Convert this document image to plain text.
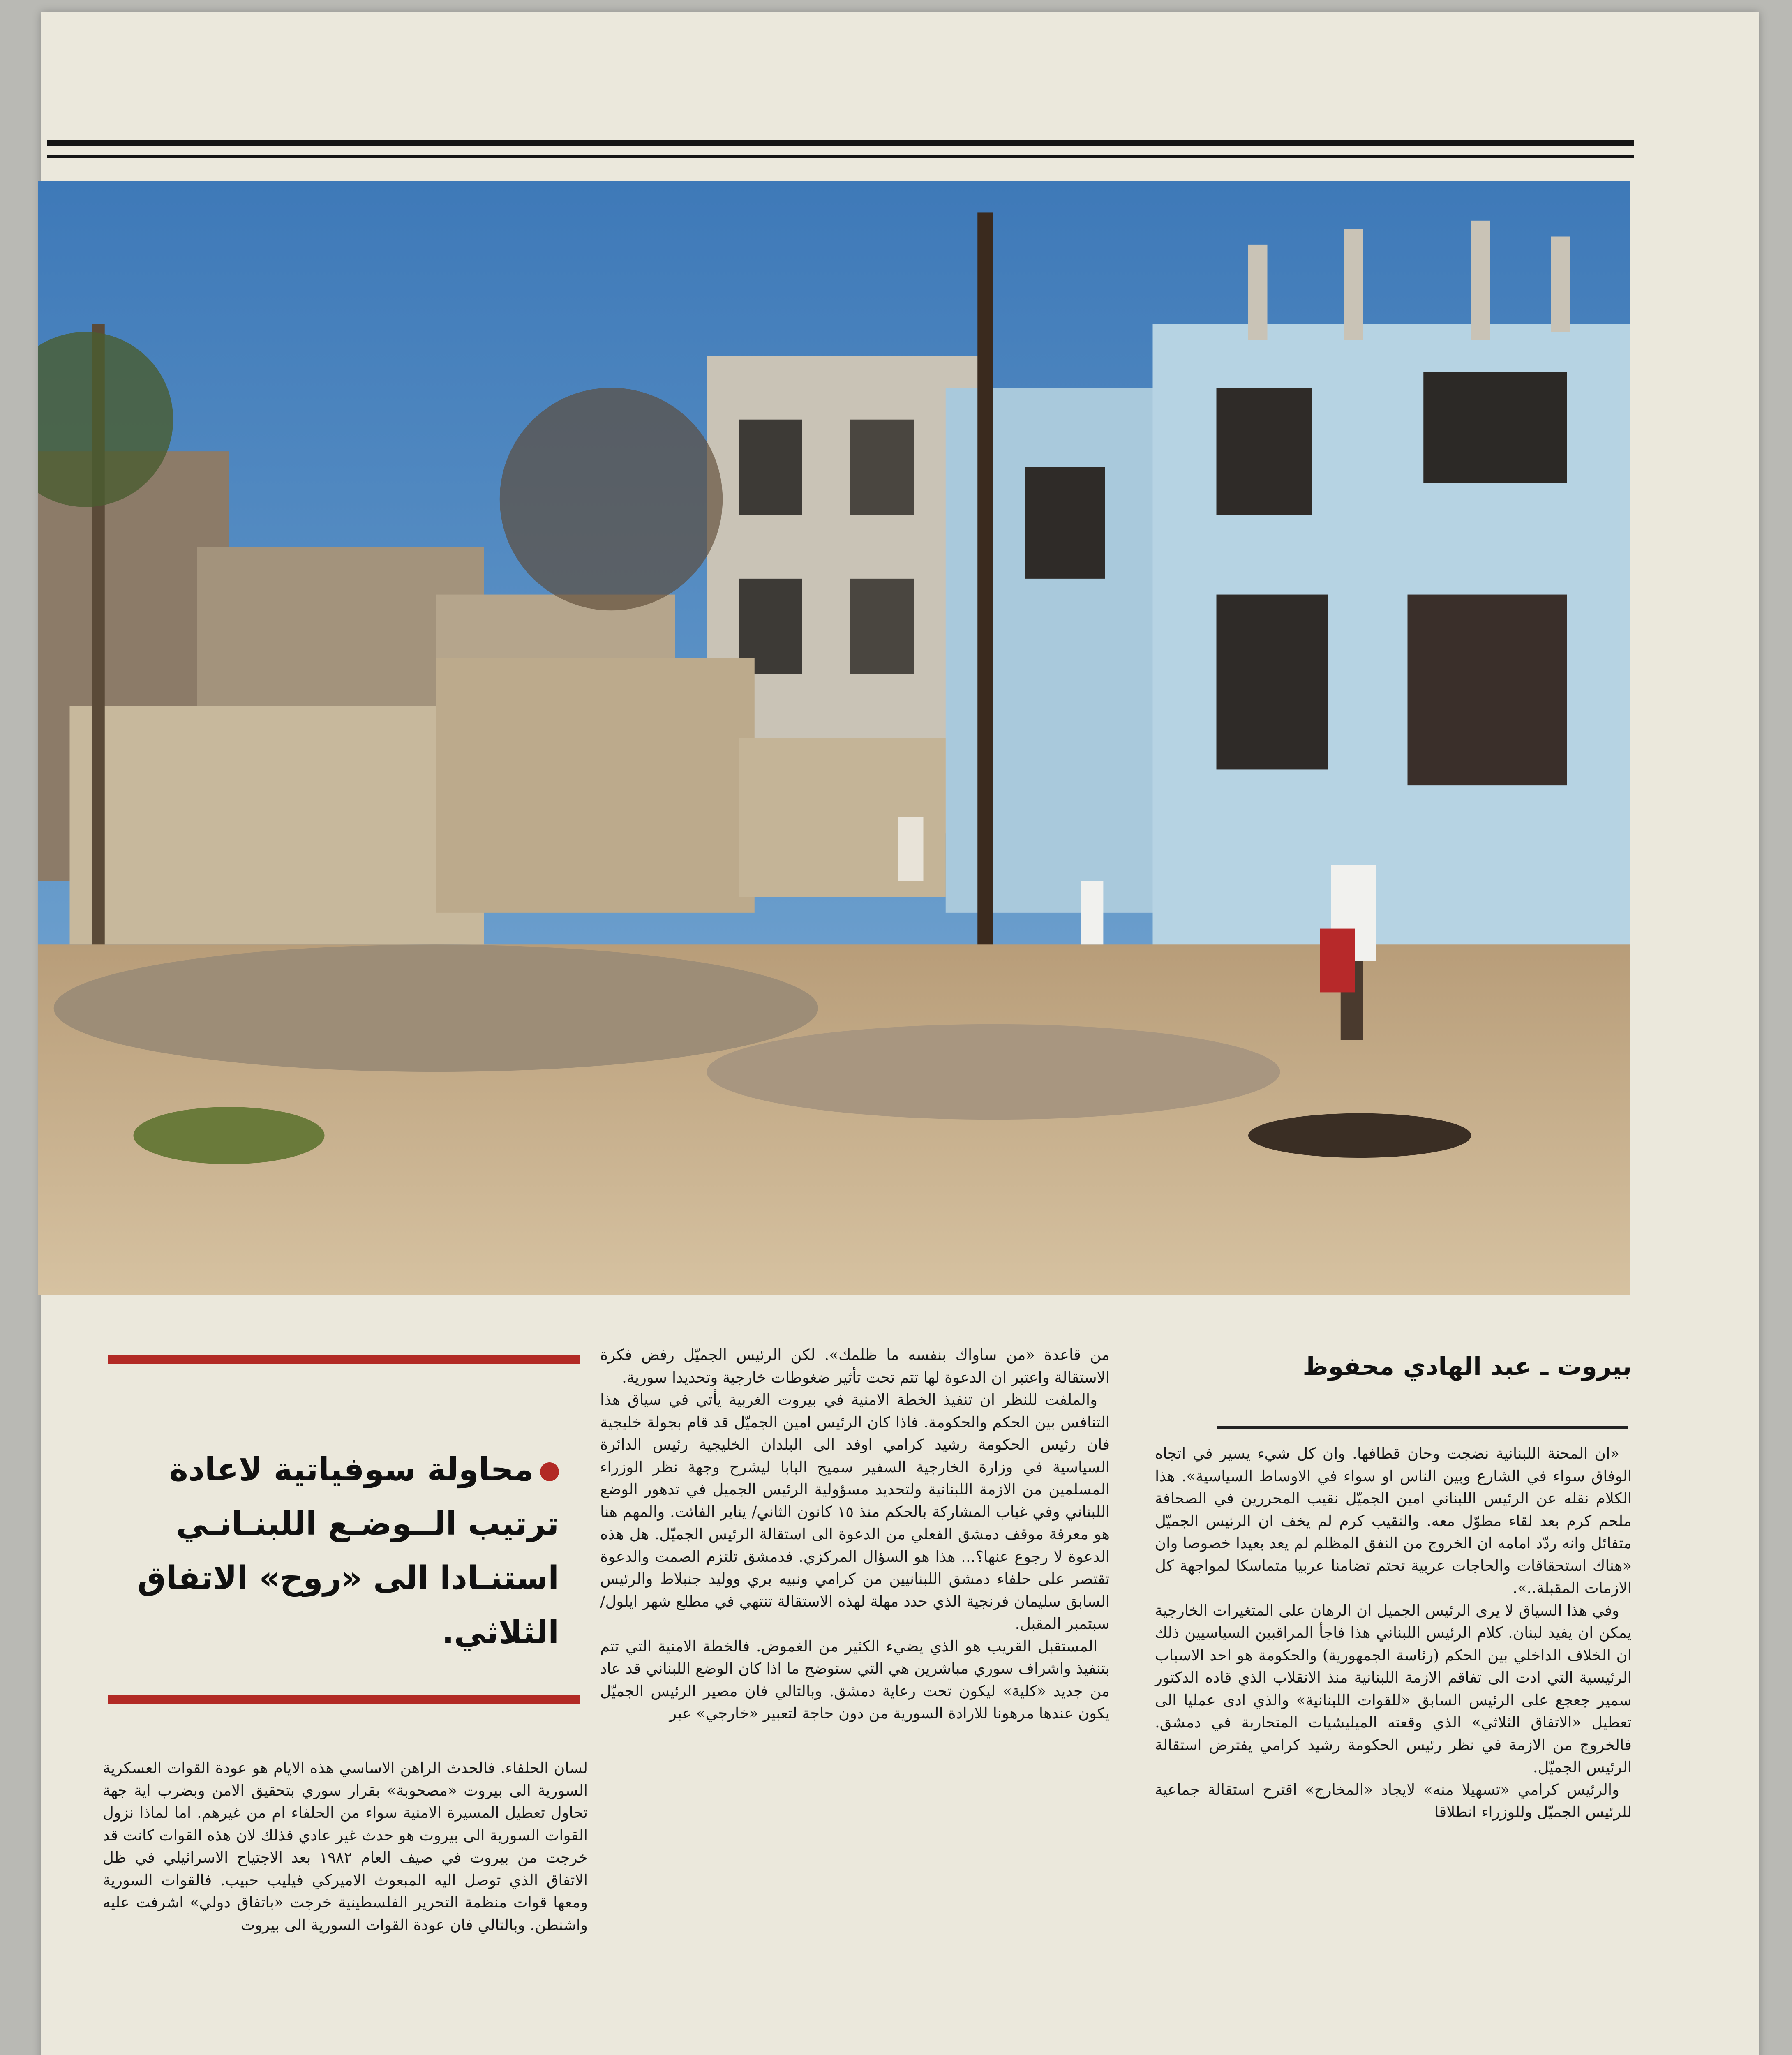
بيروت ـ عبد الهادي محفوظ

«ان المحنة اللبنانية نضجت وحان قطافها. وان كل شيء يسير في اتجاه الوفاق سواء في الشارع وبين الناس او سواء في الاوساط السياسية». هذا الكلام نقله عن الرئيس اللبناني امين الجميّل نقيب المحررين في الصحافة ملحم كرم بعد لقاء مطوّل معه. والنقيب كرم لم يخف ان الرئيس الجميّل متفائل وانه ردّد امامه ان الخروج من النفق المظلم لم يعد بعيدا خصوصا وان «هناك استحقاقات والحاجات عربية تحتم تضامنا عربيا متماسكا لمواجهة كل الازمات المقبلة..».

وفي هذا السياق لا يرى الرئيس الجميل ان الرهان على المتغيرات الخارجية يمكن ان يفيد لبنان. كلام الرئيس اللبناني هذا فاجأ المراقبين السياسيين ذلك ان الخلاف الداخلي بين الحكم (رئاسة الجمهورية) والحكومة هو احد الاسباب الرئيسية التي ادت الى تفاقم الازمة اللبنانية منذ الانقلاب الذي قاده الدكتور سمير جعجع على الرئيس السابق «للقوات اللبنانية» والذي ادى عمليا الى تعطيل «الاتفاق الثلاثي» الذي وقعته الميليشيات المتحاربة في دمشق. فالخروج من الازمة في نظر رئيس الحكومة رشيد كرامي يفترض استقالة الرئيس الجميّل.

والرئيس كرامي «تسهيلا منه» لايجاد «المخارج» اقترح استقالة جماعية للرئيس الجميّل وللوزراء انطلاقا

من قاعدة «من ساواك بنفسه ما ظلمك». لكن الرئيس الجميّل رفض فكرة الاستقالة واعتبر ان الدعوة لها تتم تحت تأثير ضغوطات خارجية وتحديدا سورية.

والملفت للنظر ان تنفيذ الخطة الامنية في بيروت الغربية يأتي في سياق هذا التنافس بين الحكم والحكومة. فاذا كان الرئيس امين الجميّل قد قام بجولة خليجية فان رئيس الحكومة رشيد كرامي اوفد الى البلدان الخليجية رئيس الدائرة السياسية في وزارة الخارجية السفير سميح البابا ليشرح وجهة نظر الوزراء المسلمين من الازمة اللبنانية ولتحديد مسؤولية الرئيس الجميل في تدهور الوضع اللبناني وفي غياب المشاركة بالحكم منذ ١٥ كانون الثاني/ يناير الفائت. والمهم هنا هو معرفة موقف دمشق الفعلي من الدعوة الى استقالة الرئيس الجميّل. هل هذه الدعوة لا رجوع عنها؟... هذا هو السؤال المركزي. فدمشق تلتزم الصمت والدعوة تقتصر على حلفاء دمشق اللبنانيين من كرامي ونبيه بري ووليد جنبلاط والرئيس السابق سليمان فرنجية الذي حدد مهلة لهذه الاستقالة تنتهي في مطلع شهر ايلول/ سبتمبر المقبل.

المستقبل القريب هو الذي يضيء الكثير من الغموض. فالخطة الامنية التي تتم بتنفيذ واشراف سوري مباشرين هي التي ستوضح ما اذا كان الوضع اللبناني قد عاد من جديد «كلية» ليكون تحت رعاية دمشق. وبالتالي فان مصير الرئيس الجميّل يكون عندها مرهونا للارادة السورية من دون حاجة لتعبير «خارجي» عبر

محاولة سوفياتية لاعادة ترتيب الــوضـع اللبنـانـي استنـادا الى «روح» الاتفاق الثلاثي.

لسان الحلفاء. فالحدث الراهن الاساسي هذه الايام هو عودة القوات العسكرية السورية الى بيروت «مصحوبة» بقرار سوري بتحقيق الامن وبضرب اية جهة تحاول تعطيل المسيرة الامنية سواء من الحلفاء ام من غيرهم. اما لماذا نزول القوات السورية الى بيروت هو حدث غير عادي فذلك لان هذه القوات كانت قد خرجت من بيروت في صيف العام ١٩٨٢ بعد الاجتياح الاسرائيلي في ظل الاتفاق الذي توصل اليه المبعوث الاميركي فيليب حبيب. فالقوات السورية ومعها قوات منظمة التحرير الفلسطينية خرجت «باتفاق دولي» اشرفت عليه واشنطن. وبالتالي فان عودة القوات السورية الى بيروت
